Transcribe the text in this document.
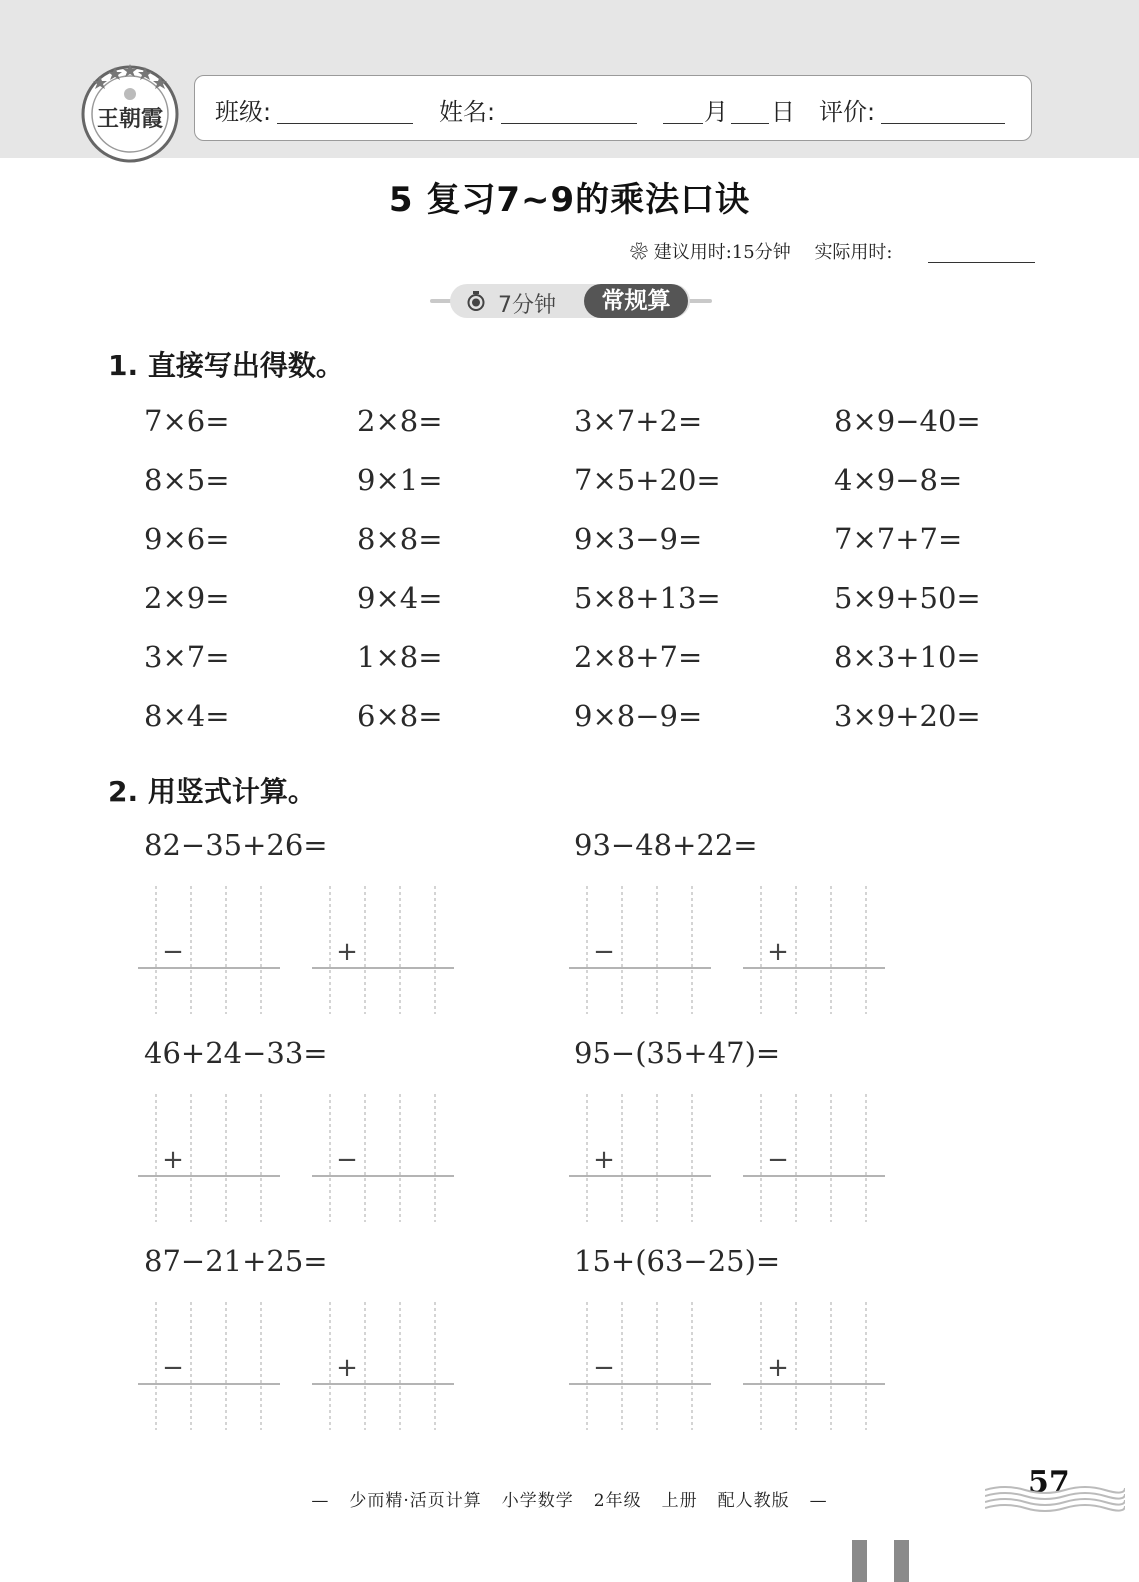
王朝霞 班级:	姓名:	月 日 评价:
5 复习7~9的乘法口诀
❀ 建议用时:15分钟 实际用时:
7分钟	常规算
1. 直接写出得数。
7×6=	2×8=	3×7+2=	8×9−40=
8×5=	9×1=	7×5+20=	4×9−8=
9×6=	8×8=	9×3−9=	7×7+7=
2×9=	9×4=	5×8+13=	5×9+50=
3×7=	1×8=	2×8+7=	8×3+10=
8×4=	6×8=	9×8−9=	3×9+20=
2. 用竖式计算。
82−35+26=	93−48+22=
46+24−33=	95−(35+47)=
87−21+25=	15+(63−25)=
−	+	−	+
+	−	+	−
−	+	−	+
— 少而精·活页计算 小学数学 2年级 上册 配人教版 —
57
